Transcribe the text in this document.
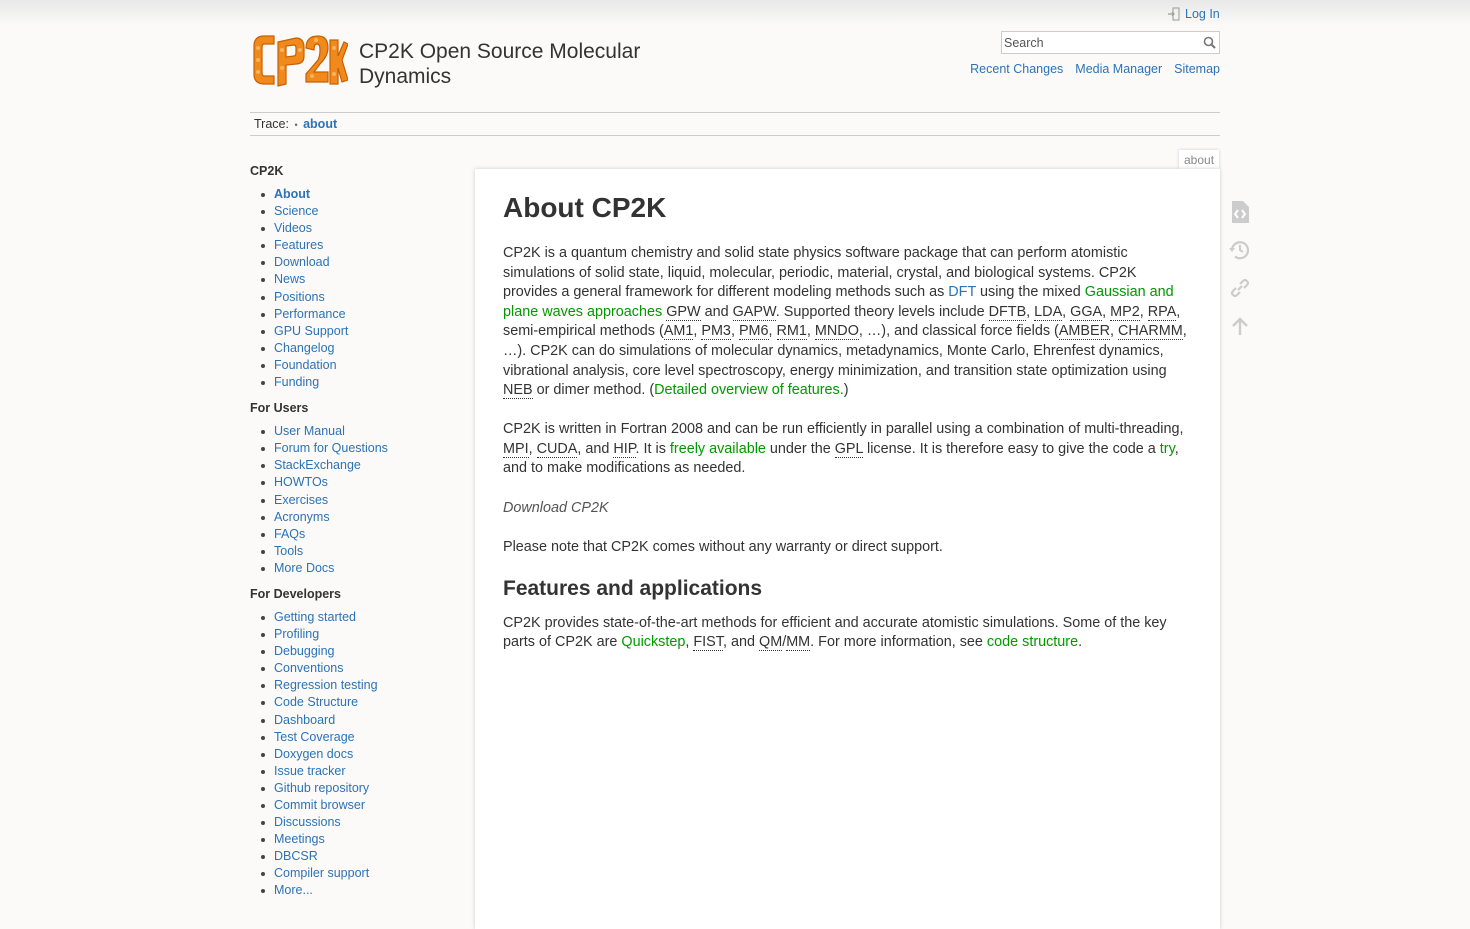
CP2K Open Source Molecular Dynamics
Log In
Search
Recent Changes Media Manager Sitemap
Trace: • about
CP2K
About
Science
Videos
Features
Download
News
Positions
Performance
GPU Support
Changelog
Foundation
Funding
For Users
User Manual
Forum for Questions
StackExchange
HOWTOs
Exercises
Acronyms
FAQs
Tools
More Docs
For Developers
Getting started
Profiling
Debugging
Conventions
Regression testing
Code Structure
Dashboard
Test Coverage
Doxygen docs
Issue tracker
Github repository
Commit browser
Discussions
Meetings
DBCSR
Compiler support
More...
about
About CP2K

CP2K is a quantum chemistry and solid state physics software package that can perform atomistic simulations of solid state, liquid, molecular, periodic, material, crystal, and biological systems. CP2K provides a general framework for different modeling methods such as DFT using the mixed Gaussian and plane waves approaches GPW and GAPW. Supported theory levels include DFTB, LDA, GGA, MP2, RPA, semi-empirical methods (AM1, PM3, PM6, RM1, MNDO, …), and classical force fields (AMBER, CHARMM, …). CP2K can do simulations of molecular dynamics, metadynamics, Monte Carlo, Ehrenfest dynamics, vibrational analysis, core level spectroscopy, energy minimization, and transition state optimization using NEB or dimer method. (Detailed overview of features.)

CP2K is written in Fortran 2008 and can be run efficiently in parallel using a combination of multi-threading, MPI, CUDA, and HIP. It is freely available under the GPL license. It is therefore easy to give the code a try, and to make modifications as needed.

Download CP2K

Please note that CP2K comes without any warranty or direct support.

Features and applications

CP2K provides state-of-the-art methods for efficient and accurate atomistic simulations. Some of the key parts of CP2K are Quickstep, FIST, and QM/MM. For more information, see code structure.
